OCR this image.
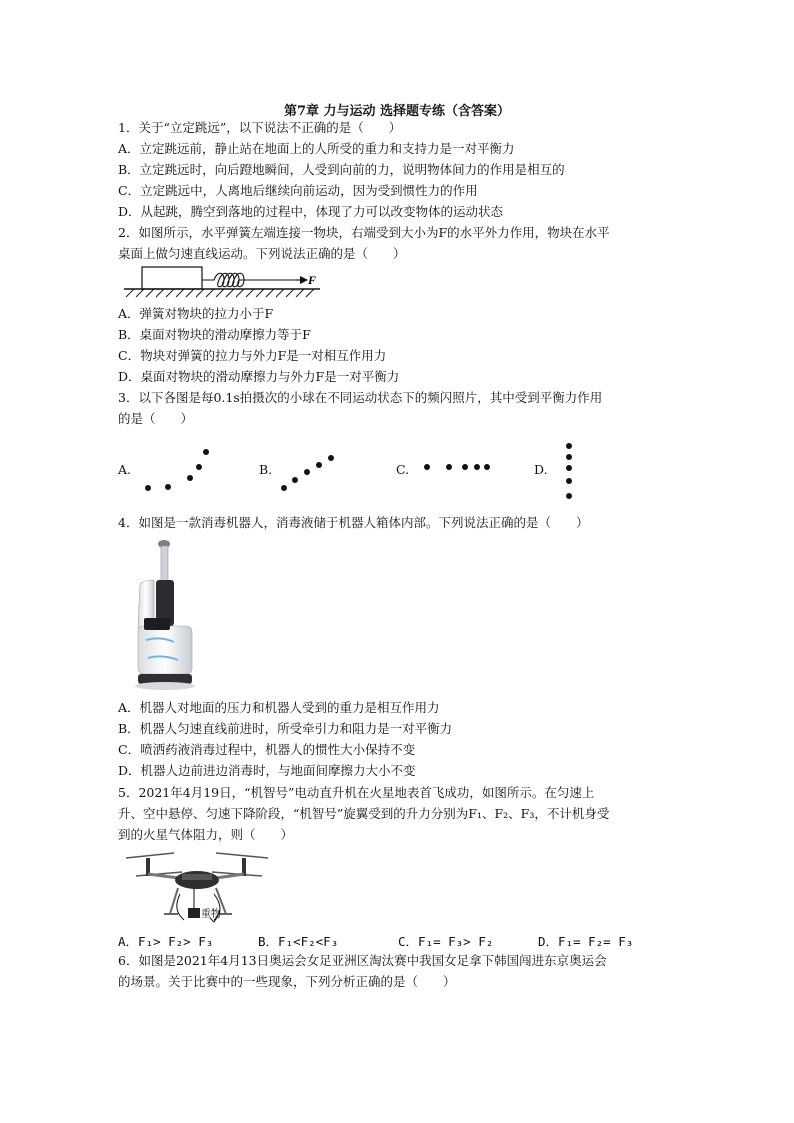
第7章 力与运动 选择题专练（含答案）
1．关于“立定跳远”，以下说法不正确的是（　　）
A．立定跳远前，静止站在地面上的人所受的重力和支持力是一对平衡力
B．立定跳远时，向后蹬地瞬间，人受到向前的力，说明物体间力的作用是相互的
C．立定跳远中，人离地后继续向前运动，因为受到惯性力的作用
D．从起跳，腾空到落地的过程中，体现了力可以改变物体的运动状态
2．如图所示，水平弹簧左端连接一物块，右端受到大小为F的水平外力作用，物块在水平
桌面上做匀速直线运动。下列说法正确的是（　　）
F
A．弹簧对物块的拉力小于F
B．桌面对物块的滑动摩擦力等于F
C．物块对弹簧的拉力与外力F是一对相互作用力
D．桌面对物块的滑动摩擦力与外力F是一对平衡力
3．以下各图是每0.1s拍摄次的小球在不同运动状态下的频闪照片，其中受到平衡力作用
的是（　　）
A.	B.	C.	D.
4．如图是一款消毒机器人，消毒液储于机器人箱体内部。下列说法正确的是（　　）
A．机器人对地面的压力和机器人受到的重力是相互作用力
B．机器人匀速直线前进时，所受牵引力和阻力是一对平衡力
C．喷洒药液消毒过程中，机器人的惯性大小保持不变
D．机器人边前进边消毒时，与地面间摩擦力大小不变
5．2021年4月19日，“机智号”电动直升机在火星地表首飞成功，如图所示。在匀速上
升、空中悬停、匀速下降阶段，“机智号”旋翼受到的升力分别为F₁、F₂、F₃，不计机身受
到的火星气体阻力，则（　　）
重物
A．F₁> F₂> F₃	B．F₁<F₂<F₃	C．F₁= F₃> F₂	D．F₁= F₂= F₃
6．如图是2021年4月13日奥运会女足亚洲区淘汰赛中我国女足拿下韩国闯进东京奥运会
的场景。关于比赛中的一些现象，下列分析正确的是（　　）
